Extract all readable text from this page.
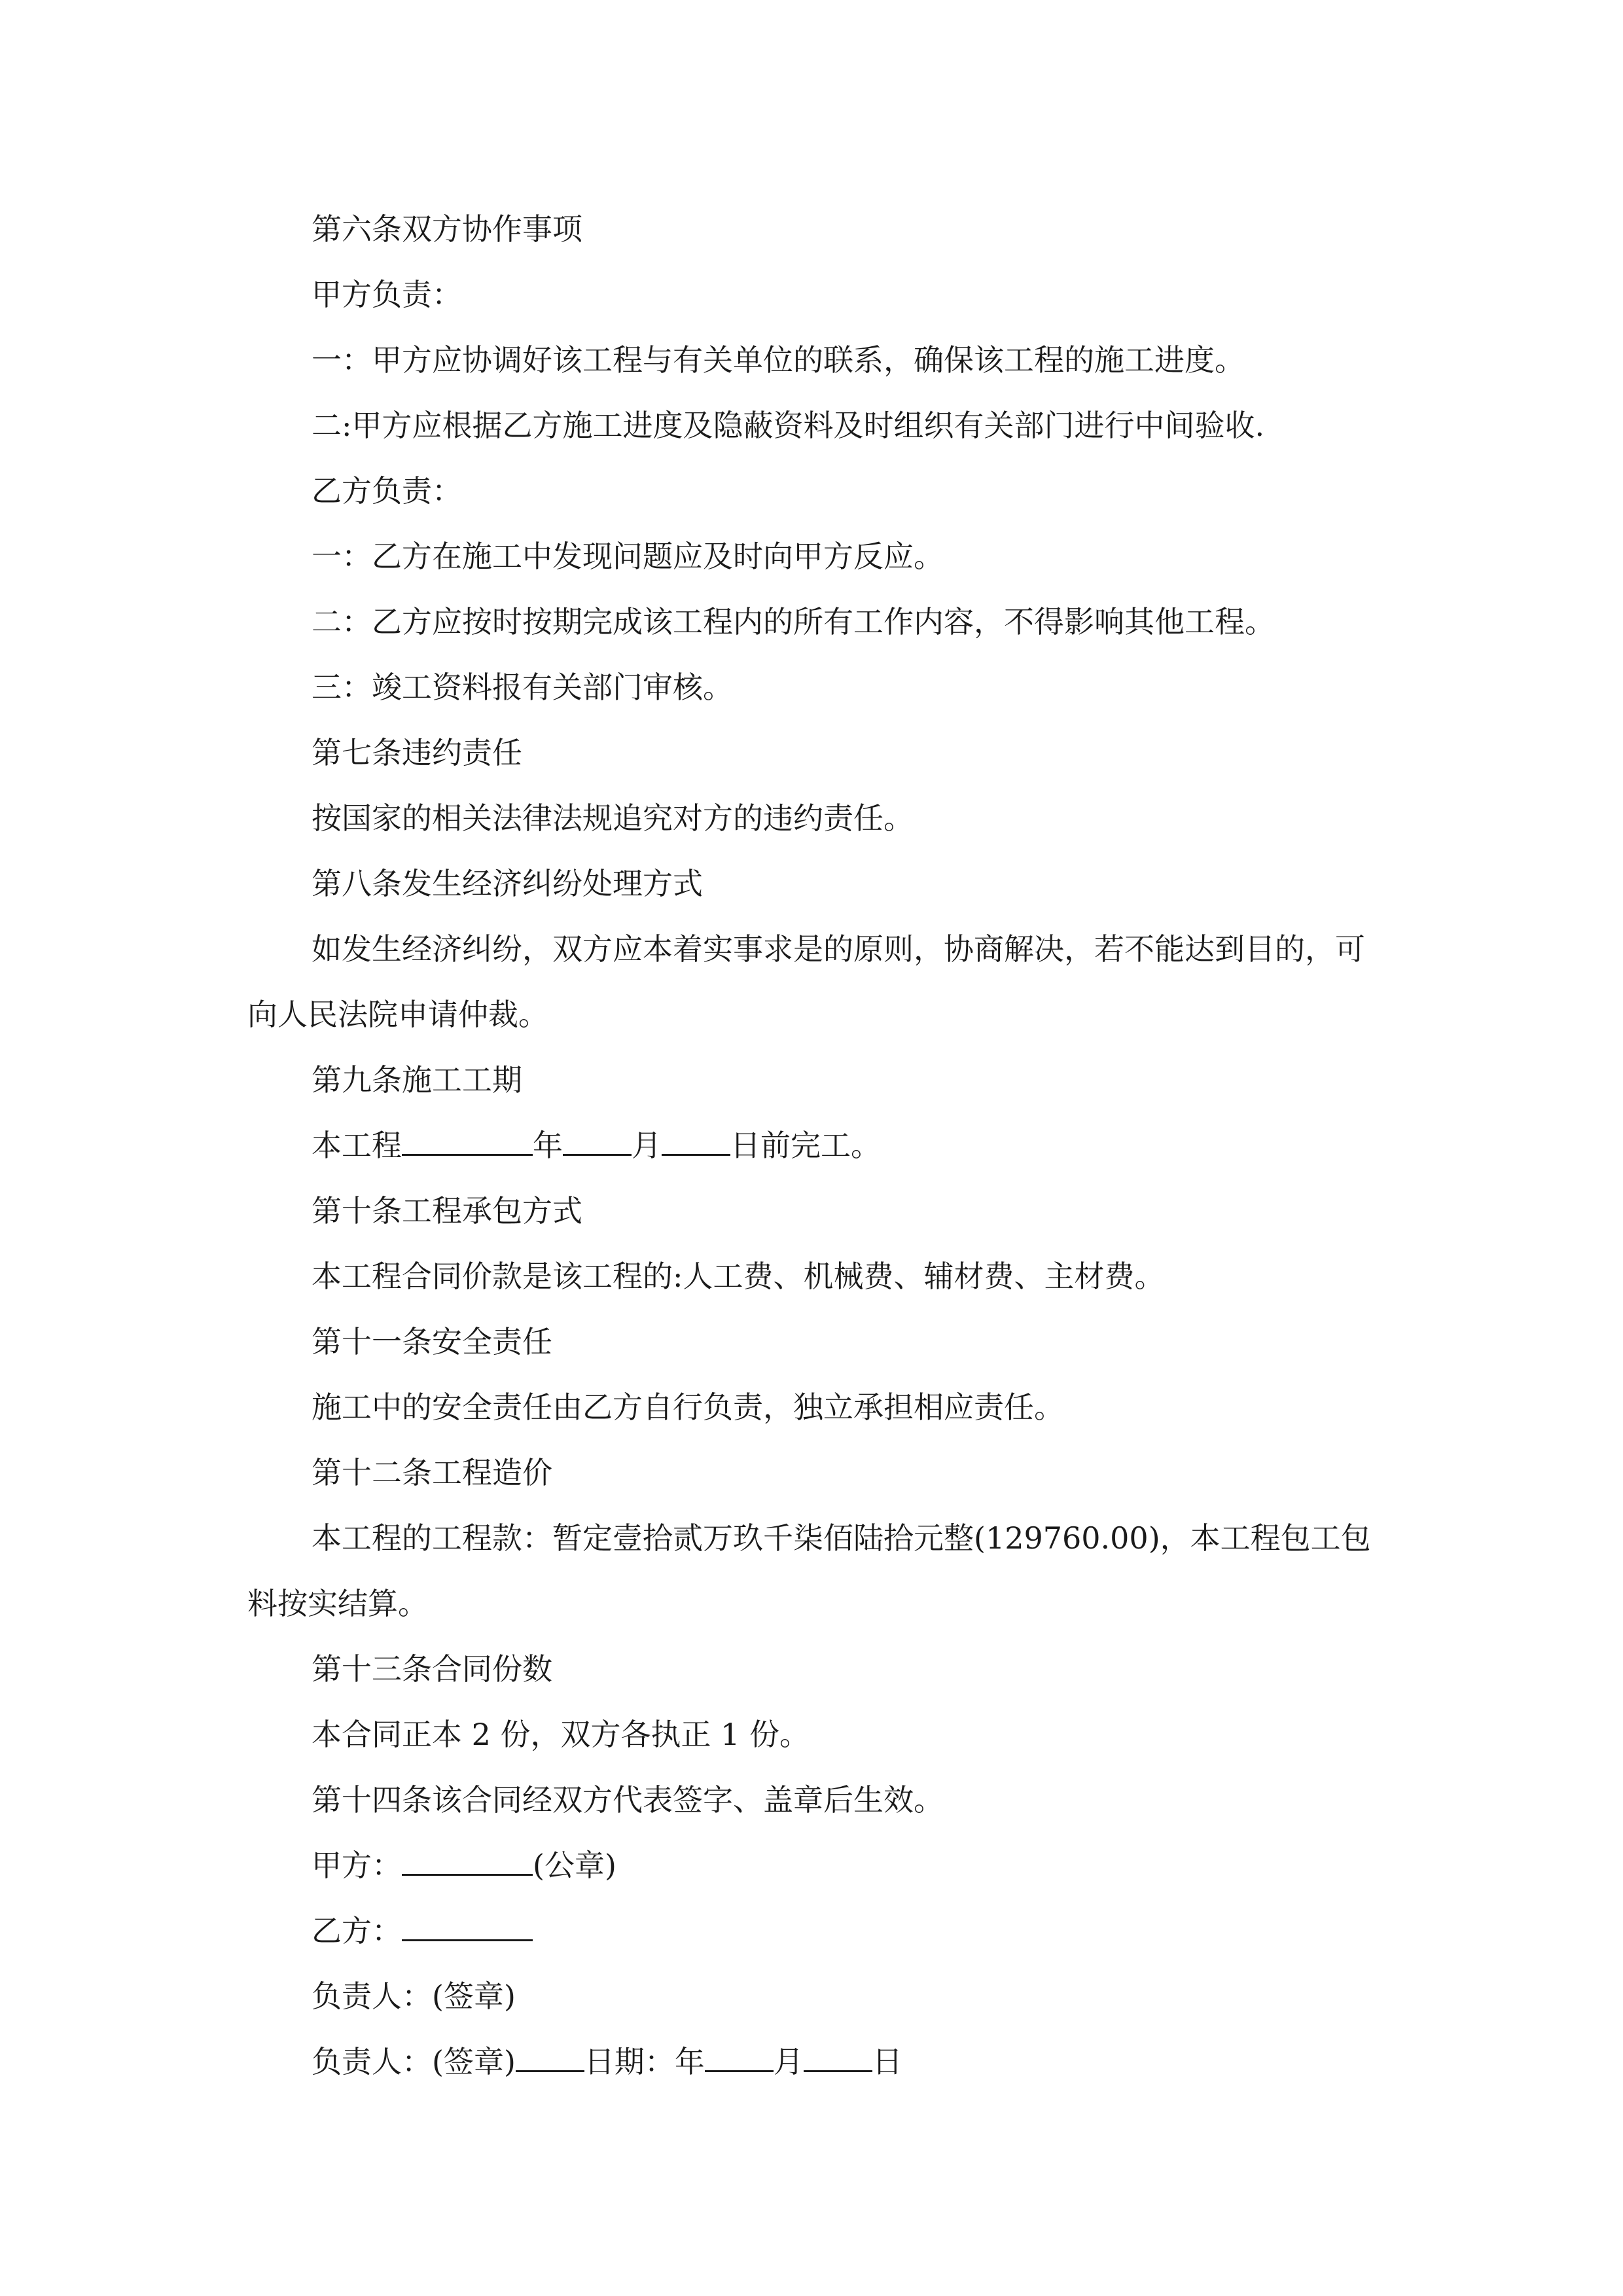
第六条双方协作事项
甲方负责：
一：甲方应协调好该工程与有关单位的联系，确保该工程的施工进度。
二:甲方应根据乙方施工进度及隐蔽资料及时组织有关部门进行中间验收.
乙方负责：
一：乙方在施工中发现问题应及时向甲方反应。
二：乙方应按时按期完成该工程内的所有工作内容，不得影响其他工程。
三：竣工资料报有关部门审核。
第七条违约责任
按国家的相关法律法规追究对方的违约责任。
第八条发生经济纠纷处理方式
如发生经济纠纷，双方应本着实事求是的原则，协商解决，若不能达到目的，可向人民法院申请仲裁。
第九条施工工期
本工程	年 月 日前完工。
第十条工程承包方式
本工程合同价款是该工程的:人工费、机械费、辅材费、主材费。
第十一条安全责任
施工中的安全责任由乙方自行负责，独立承担相应责任。
第十二条工程造价
本工程的工程款：暂定壹拾贰万玖千柒佰陆拾元整(129760.00)，本工程包工包料按实结算。
第十三条合同份数
本合同正本 2 份，双方各执正 1 份。
第十四条该合同经双方代表签字、盖章后生效。
甲方：	(公章)
乙方：
负责人：(签章)
负责人：(签章) 日期：年 月 日
